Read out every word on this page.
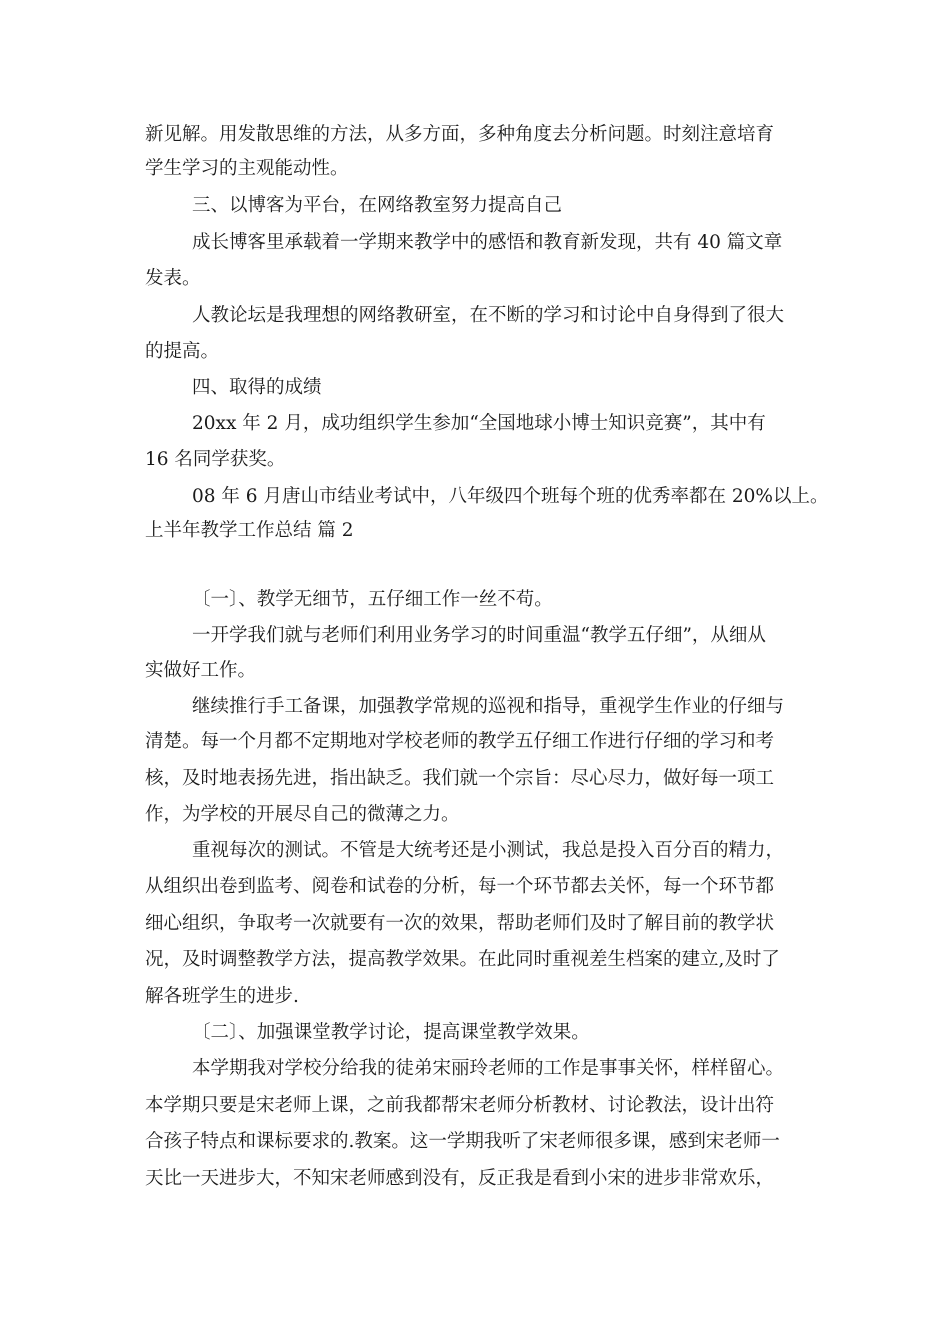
新见解。用发散思维的方法，从多方面，多种角度去分析问题。时刻注意培育
学生学习的主观能动性。
三、以博客为平台，在网络教室努力提高自己
成长博客里承载着一学期来教学中的感悟和教育新发现，共有 40 篇文章
发表。
人教论坛是我理想的网络教研室，在不断的学习和讨论中自身得到了很大
的提高。
四、取得的成绩
20xx 年 2 月，成功组织学生参加“全国地球小博士知识竞赛”，其中有
16 名同学获奖。
08 年 6 月唐山市结业考试中，八年级四个班每个班的优秀率都在 20%以上。
上半年教学工作总结 篇 2
〔一〕、教学无细节，五仔细工作一丝不苟。
一开学我们就与老师们利用业务学习的时间重温“教学五仔细”，从细从
实做好工作。
继续推行手工备课，加强教学常规的巡视和指导，重视学生作业的仔细与
清楚。每一个月都不定期地对学校老师的教学五仔细工作进行仔细的学习和考
核，及时地表扬先进，指出缺乏。我们就一个宗旨：尽心尽力，做好每一项工
作，为学校的开展尽自己的微薄之力。
重视每次的测试。不管是大统考还是小测试，我总是投入百分百的精力，
从组织出卷到监考、阅卷和试卷的分析，每一个环节都去关怀，每一个环节都
细心组织，争取考一次就要有一次的效果，帮助老师们及时了解目前的教学状
况，及时调整教学方法，提高教学效果。在此同时重视差生档案的建立,及时了
解各班学生的进步.
〔二〕、加强课堂教学讨论，提高课堂教学效果。
本学期我对学校分给我的徒弟宋丽玲老师的工作是事事关怀，样样留心。
本学期只要是宋老师上课，之前我都帮宋老师分析教材、讨论教法，设计出符
合孩子特点和课标要求的.教案。这一学期我听了宋老师很多课，感到宋老师一
天比一天进步大，不知宋老师感到没有，反正我是看到小宋的进步非常欢乐，
